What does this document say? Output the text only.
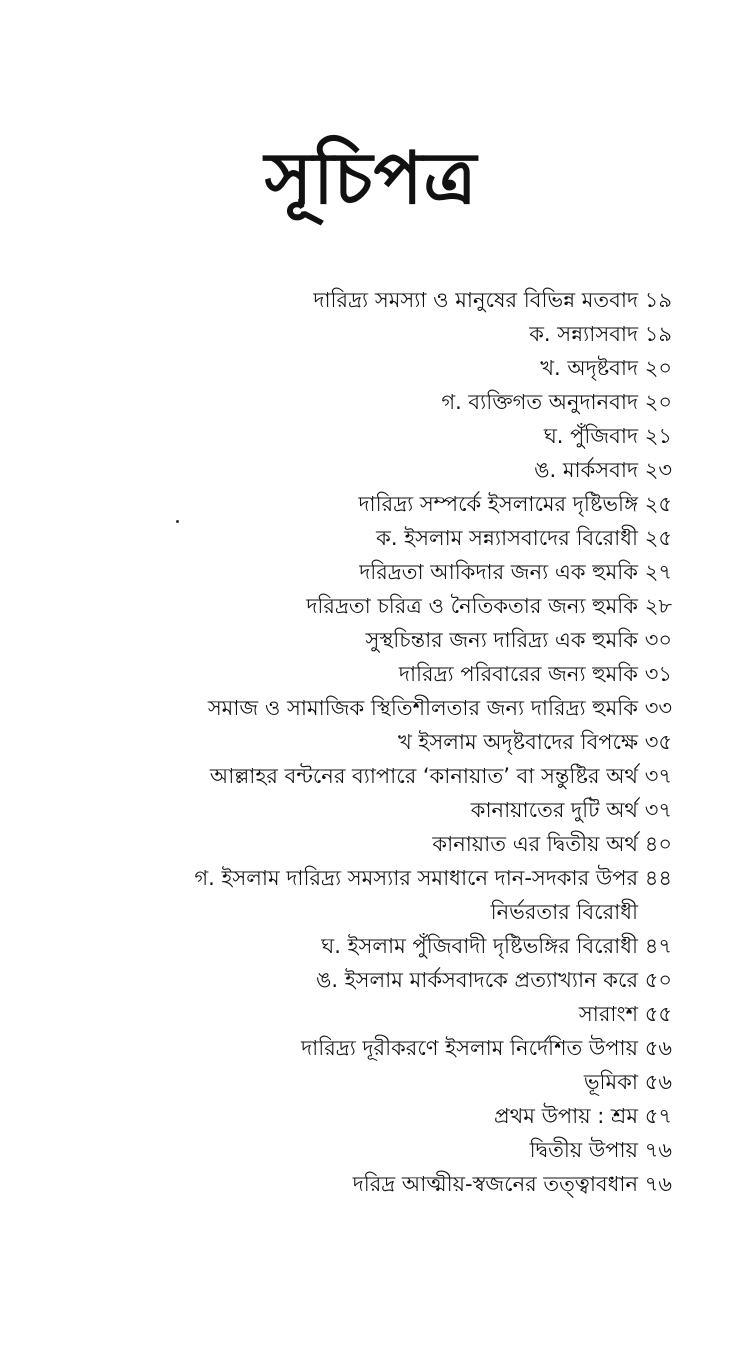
সূচিপত্র
দারিদ্র্য সমস্যা ও মানুষের বিভিন্ন মতবাদ ১৯
ক. সন্ন্যাসবাদ ১৯
খ. অদৃষ্টবাদ ২০
গ. ব্যক্তিগত অনুদানবাদ ২০
ঘ. পুঁজিবাদ ২১
ঙ. মার্কসবাদ ২৩
দারিদ্র্য সম্পর্কে ইসলামের দৃষ্টিভঙ্গি ২৫
ক. ইসলাম সন্ন্যাসবাদের বিরোধী ২৫
দরিদ্রতা আকিদার জন্য এক হুমকি ২৭
দরিদ্রতা চরিত্র ও নৈতিকতার জন্য হুমকি ২৮
সুস্থচিন্তার জন্য দারিদ্র্য এক হুমকি ৩০
দারিদ্র্য পরিবারের জন্য হুমকি ৩১
সমাজ ও সামাজিক স্থিতিশীলতার জন্য দারিদ্র্য হুমকি ৩৩
খ ইসলাম অদৃষ্টবাদের বিপক্ষে ৩৫
আল্লাহর বন্টনের ব্যাপারে ‘কানায়াত’ বা সন্তুষ্টির অর্থ ৩৭
কানায়াতের দুটি অর্থ ৩৭
কানায়াত এর দ্বিতীয় অর্থ ৪০
গ. ইসলাম দারিদ্র্য সমস্যার সমাধানে দান-সদকার উপর ৪৪
নির্ভরতার বিরোধী
ঘ. ইসলাম পুঁজিবাদী দৃষ্টিভঙ্গির বিরোধী ৪৭
ঙ. ইসলাম মার্কসবাদকে প্রত্যাখ্যান করে ৫০
সারাংশ ৫৫
দারিদ্র্য দূরীকরণে ইসলাম নির্দেশিত উপায় ৫৬
ভূমিকা ৫৬
প্রথম উপায় : শ্রম ৫৭
দ্বিতীয় উপায় ৭৬
দরিদ্র আত্মীয়-স্বজনের তত্ত্বাবধান ৭৬
